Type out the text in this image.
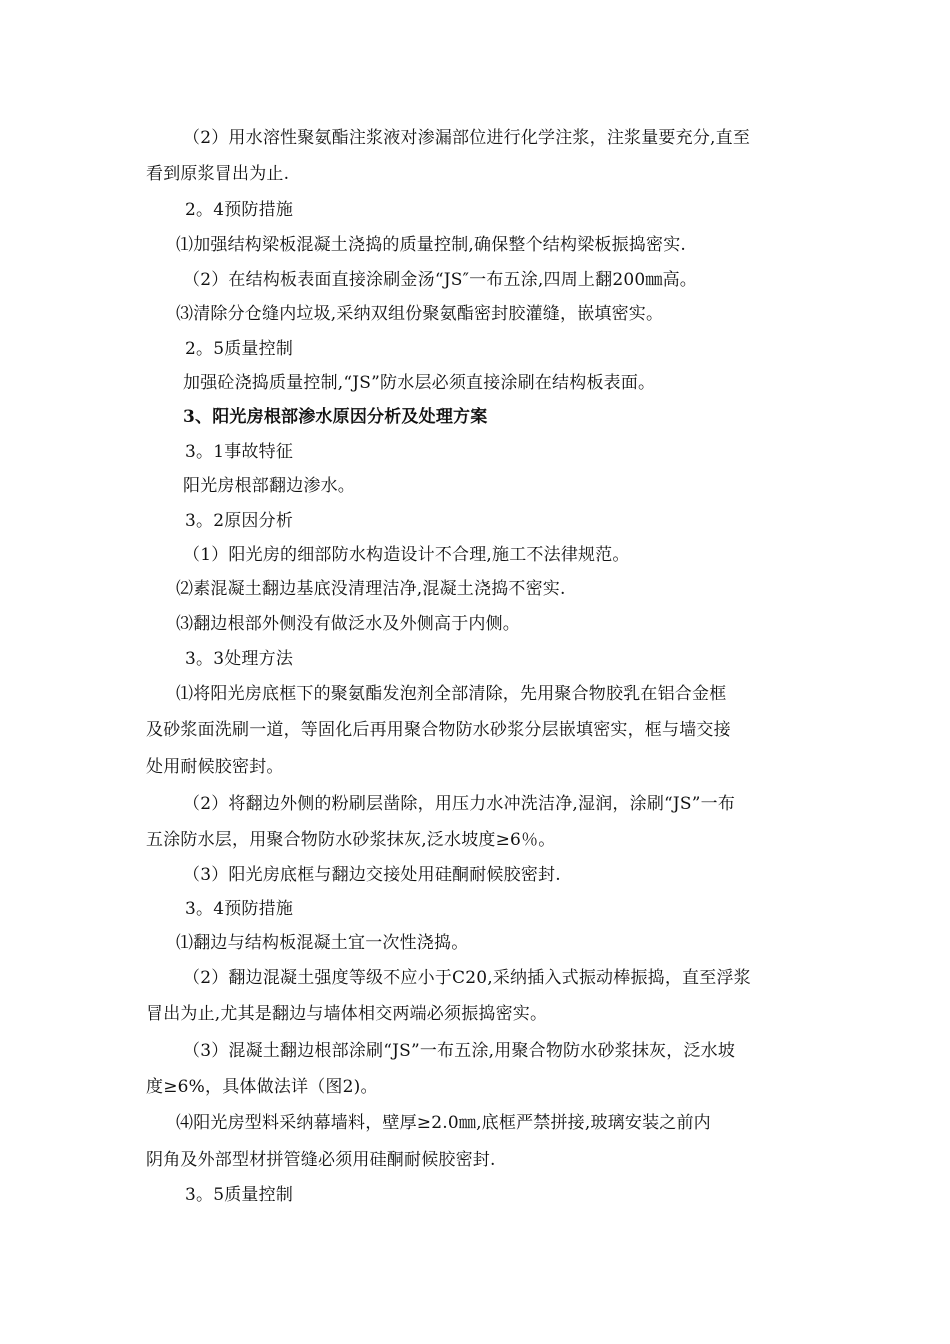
（2）用水溶性聚氨酯注浆液对渗漏部位进行化学注浆，注浆量要充分,直至
看到原浆冒出为止.
2。4预防措施
⑴加强结构梁板混凝土浇捣的质量控制,确保整个结构梁板振捣密实.
（2）在结构板表面直接涂刷金汤“JS″一布五涂,四周上翻200㎜高。
⑶清除分仓缝内垃圾,采纳双组份聚氨酯密封胶灌缝，嵌填密实。
2。5质量控制
加强砼浇捣质量控制,“JS”防水层必须直接涂刷在结构板表面。
3、阳光房根部渗水原因分析及处理方案
3。1事故特征
阳光房根部翻边渗水。
3。2原因分析
（1）阳光房的细部防水构造设计不合理,施工不法律规范。
⑵素混凝土翻边基底没清理洁净,混凝土浇捣不密实.
⑶翻边根部外侧没有做泛水及外侧高于内侧。
3。3处理方法
⑴将阳光房底框下的聚氨酯发泡剂全部清除，先用聚合物胶乳在铝合金框
及砂浆面洗刷一道，等固化后再用聚合物防水砂浆分层嵌填密实，框与墙交接
处用耐候胶密封。
（2）将翻边外侧的粉刷层凿除，用压力水冲洗洁净,湿润，涂刷“JS”一布
五涂防水层，用聚合物防水砂浆抹灰,泛水坡度≥6％。
（3）阳光房底框与翻边交接处用硅酮耐候胶密封.
3。4预防措施
⑴翻边与结构板混凝土宜一次性浇捣。
（2）翻边混凝土强度等级不应小于C20,采纳插入式振动棒振捣，直至浮浆
冒出为止,尤其是翻边与墙体相交两端必须振捣密实。
（3）混凝土翻边根部涂刷“JS”一布五涂,用聚合物防水砂浆抹灰，泛水坡
度≥6%，具体做法详（图2)。
⑷阳光房型料采纳幕墙料，壁厚≥2.0㎜,底框严禁拼接,玻璃安装之前内
阴角及外部型材拼管缝必须用硅酮耐候胶密封.
3。5质量控制
